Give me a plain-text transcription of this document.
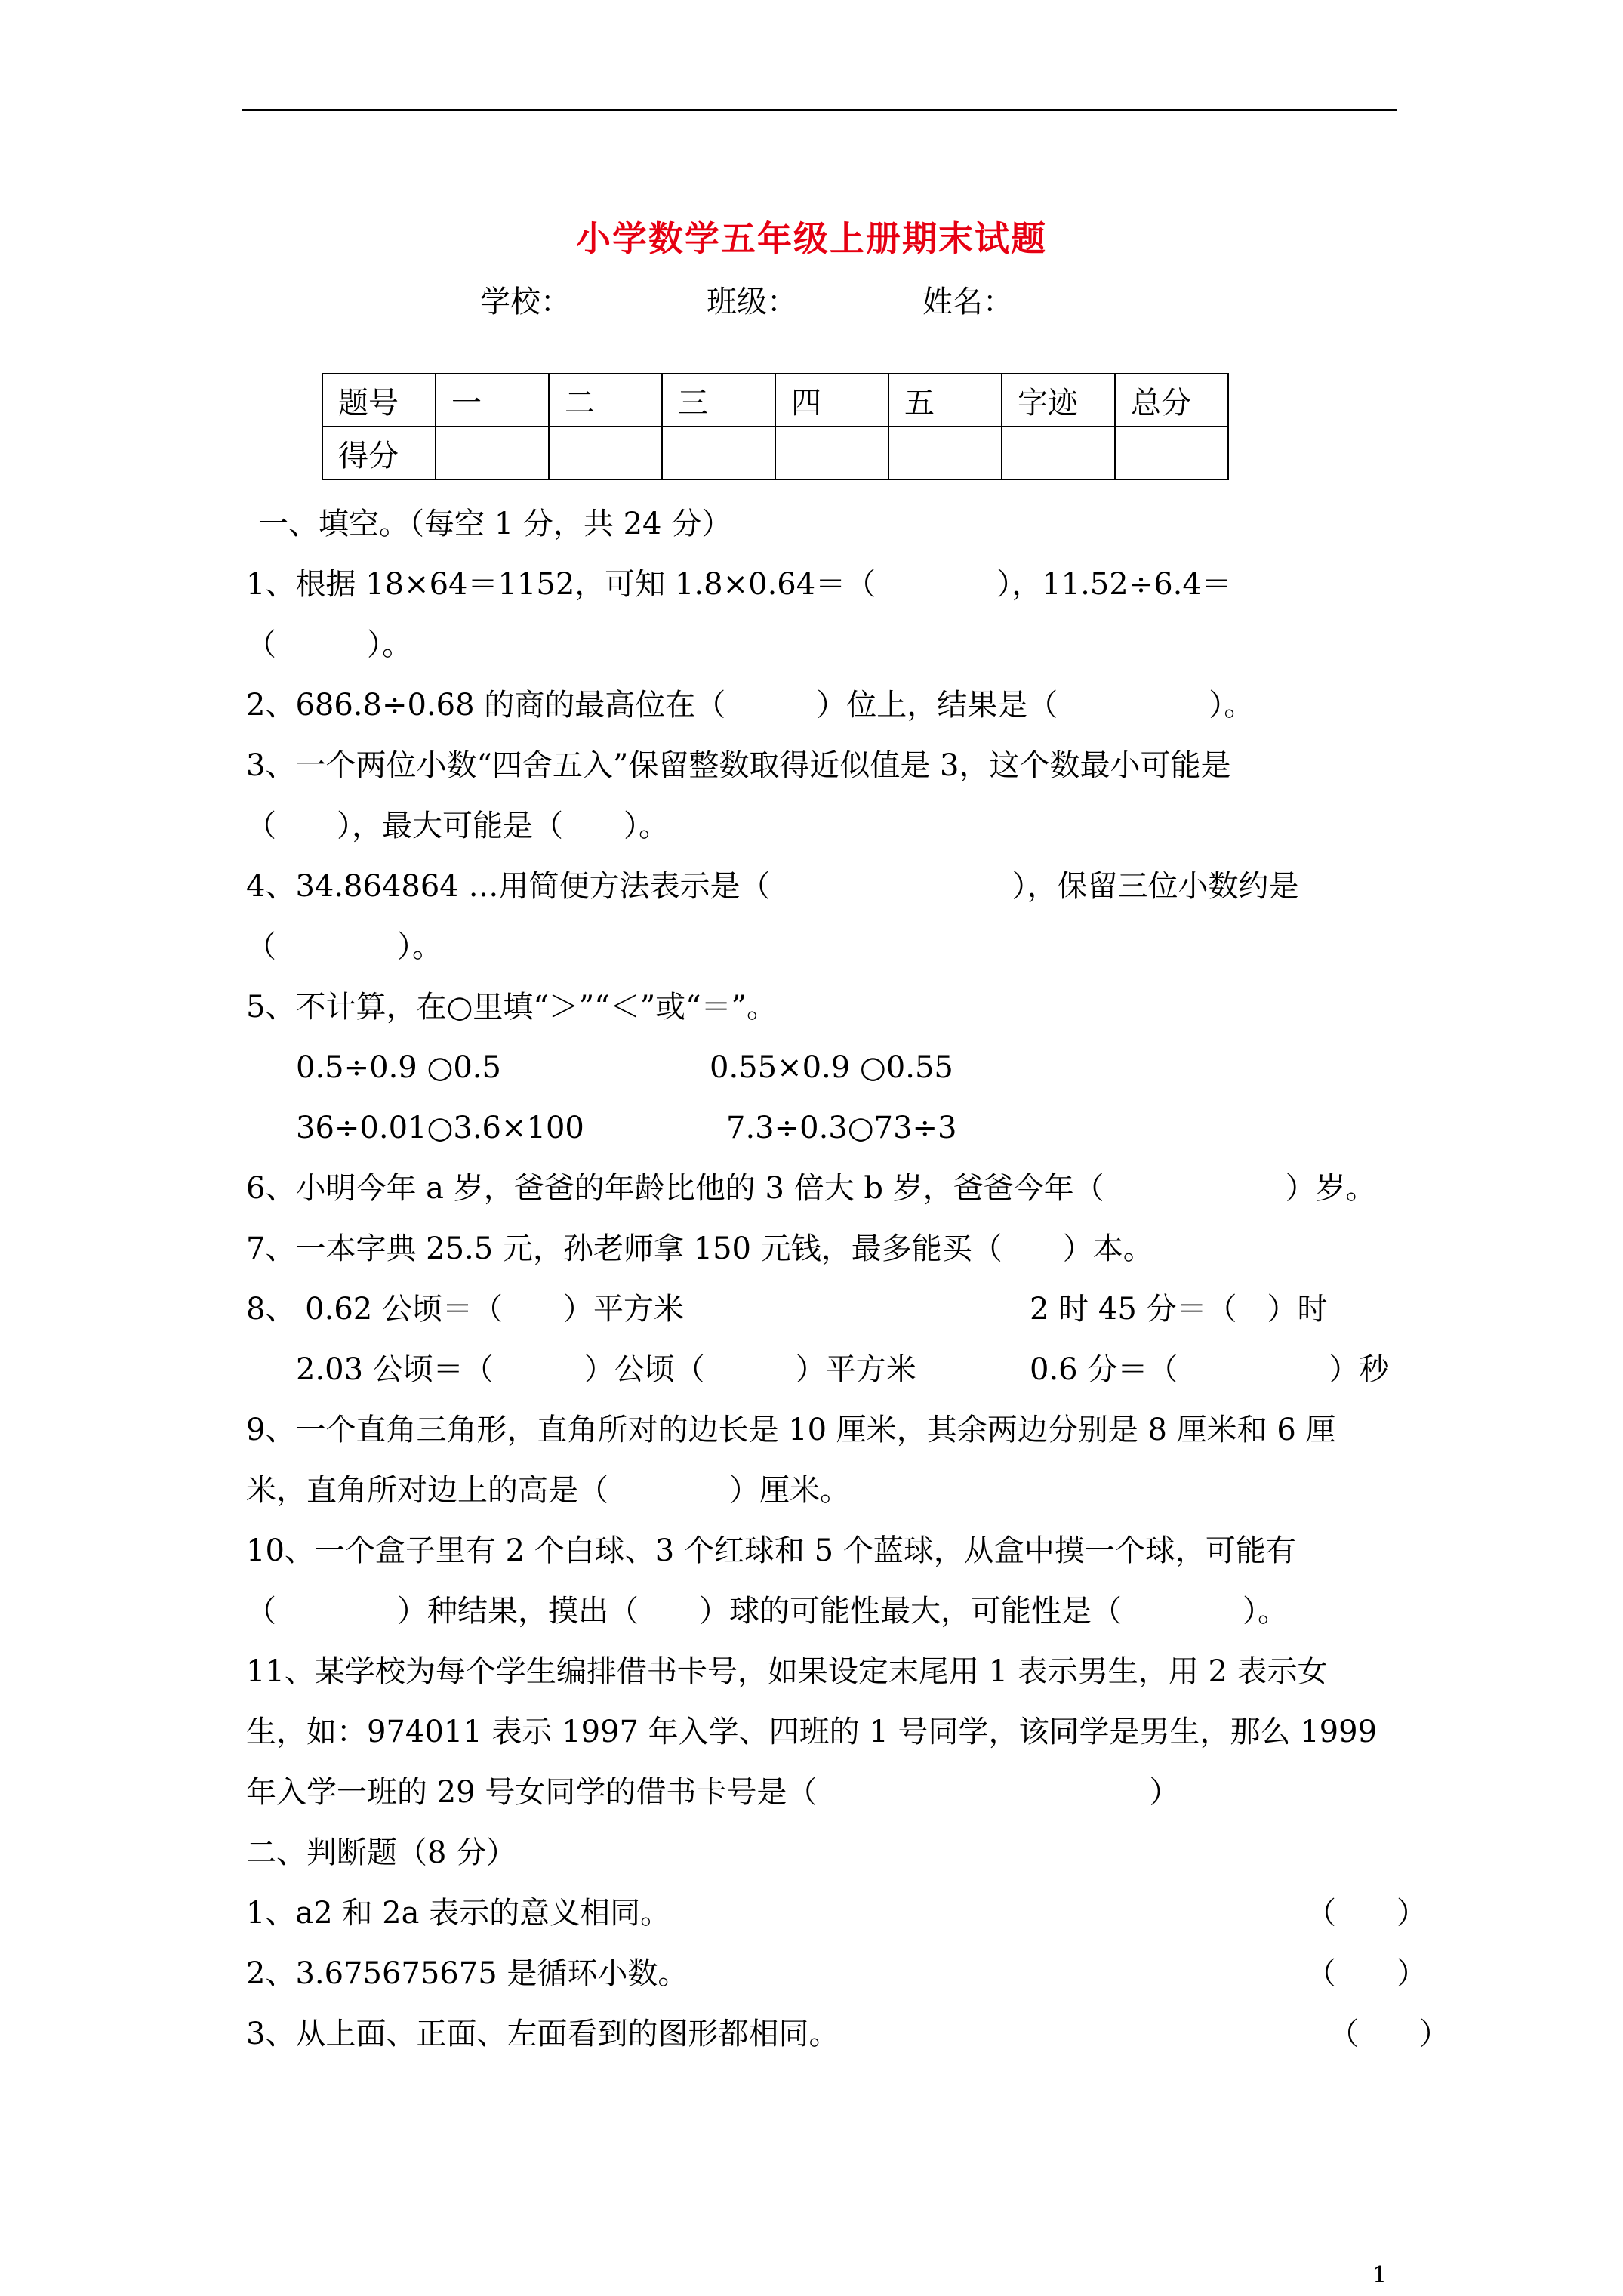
小学数学五年级上册期末试题
学校：	班级：	姓名：
题号	一	二	三	四	五	字迹	总分
得分							
一、填空。（每空 1 分，共 24 分）
1、根据 18×64＝1152，可知 1.8×0.64＝（　　　　），11.52÷6.4＝
（　　　）。
2、686.8÷0.68 的商的最高位在（　　　）位上，结果是（　　　　　）。
3、一个两位小数“四舍五入”保留整数取得近似值是 3，这个数最小可能是
（　　），最大可能是（　　）。
4、34.864864 …用简便方法表示是（　　　　　　　　），保留三位小数约是
（　　　　）。
5、不计算，在○里填“＞”“＜”或“＝”。
0.5÷0.9 ○0.5	0.55×0.9 ○0.55
36÷0.01○3.6×100	7.3÷0.3○73÷3
6、小明今年 a 岁，爸爸的年龄比他的 3 倍大 b 岁，爸爸今年（　　　　　　）岁。
7、一本字典 25.5 元，孙老师拿 150 元钱，最多能买（　　）本。
8、 0.62 公顷＝（　　）平方米	2 时 45 分＝（　）时
2.03 公顷＝（　　　）公顷（　　　）平方米	0.6 分＝（　　　　　）秒
9、一个直角三角形，直角所对的边长是 10 厘米，其余两边分别是 8 厘米和 6 厘
米，直角所对边上的高是（　　　　）厘米。
10、一个盒子里有 2 个白球、3 个红球和 5 个蓝球，从盒中摸一个球，可能有
（　　　　）种结果，摸出（　　）球的可能性最大，可能性是（　　　　）。
11、某学校为每个学生编排借书卡号，如果设定末尾用 1 表示男生，用 2 表示女
生，如：974011 表示 1997 年入学、四班的 1 号同学，该同学是男生，那么 1999
年入学一班的 29 号女同学的借书卡号是（　　　　　　　　　　　）
二、判断题（8 分）
1、a2 和 2a 表示的意义相同。	（　　）
2、3.675675675 是循环小数。	（　　）
3、从上面、正面、左面看到的图形都相同。	（　　）
1
